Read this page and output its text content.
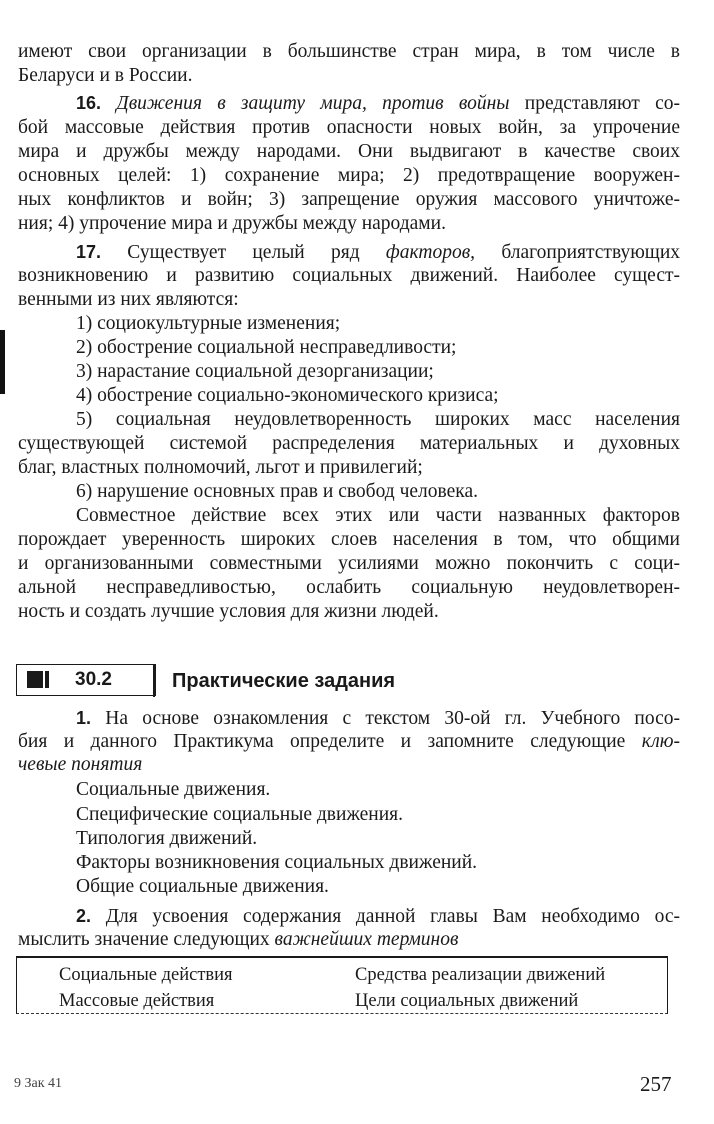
имеют свои организации в большинстве стран мира, в том числе в
Беларуси и в России.
16. Движения в защиту мира, против войны представляют со-
бой массовые действия против опасности новых войн, за упрочение
мира и дружбы между народами. Они выдвигают в качестве своих
основных целей: 1) сохранение мира; 2) предотвращение вооружен-
ных конфликтов и войн; 3) запрещение оружия массового уничтоже-
ния; 4) упрочение мира и дружбы между народами.
17. Существует целый ряд факторов, благоприятствующих
возникновению и развитию социальных движений. Наиболее сущест-
венными из них являются:
1) социокультурные изменения;
2) обострение социальной несправедливости;
3) нарастание социальной дезорганизации;
4) обострение социально-экономического кризиса;
5) социальная неудовлетворенность широких масс населения
существующей системой распределения материальных и духовных
благ, властных полномочий, льгот и привилегий;
6) нарушение основных прав и свобод человека.
Совместное действие всех этих или части названных факторов
порождает уверенность широких слоев населения в том, что общими
и организованными совместными усилиями можно покончить с соци-
альной несправедливостью, ослабить социальную неудовлетворен-
ность и создать лучшие условия для жизни людей.
30.2	Практические задания
1. На основе ознакомления с текстом 30-ой гл. Учебного посо-
бия и данного Практикума определите и запомните следующие клю-
чевые понятия
Социальные движения.
Специфические социальные движения.
Типология движений.
Факторы возникновения социальных движений.
Общие социальные движения.
2. Для усвоения содержания данной главы Вам необходимо ос-
мыслить значение следующих важнейших терминов
Социальные действия
Массовые действия
Средства реализации движений
Цели социальных движений
9 Зак 41	257
